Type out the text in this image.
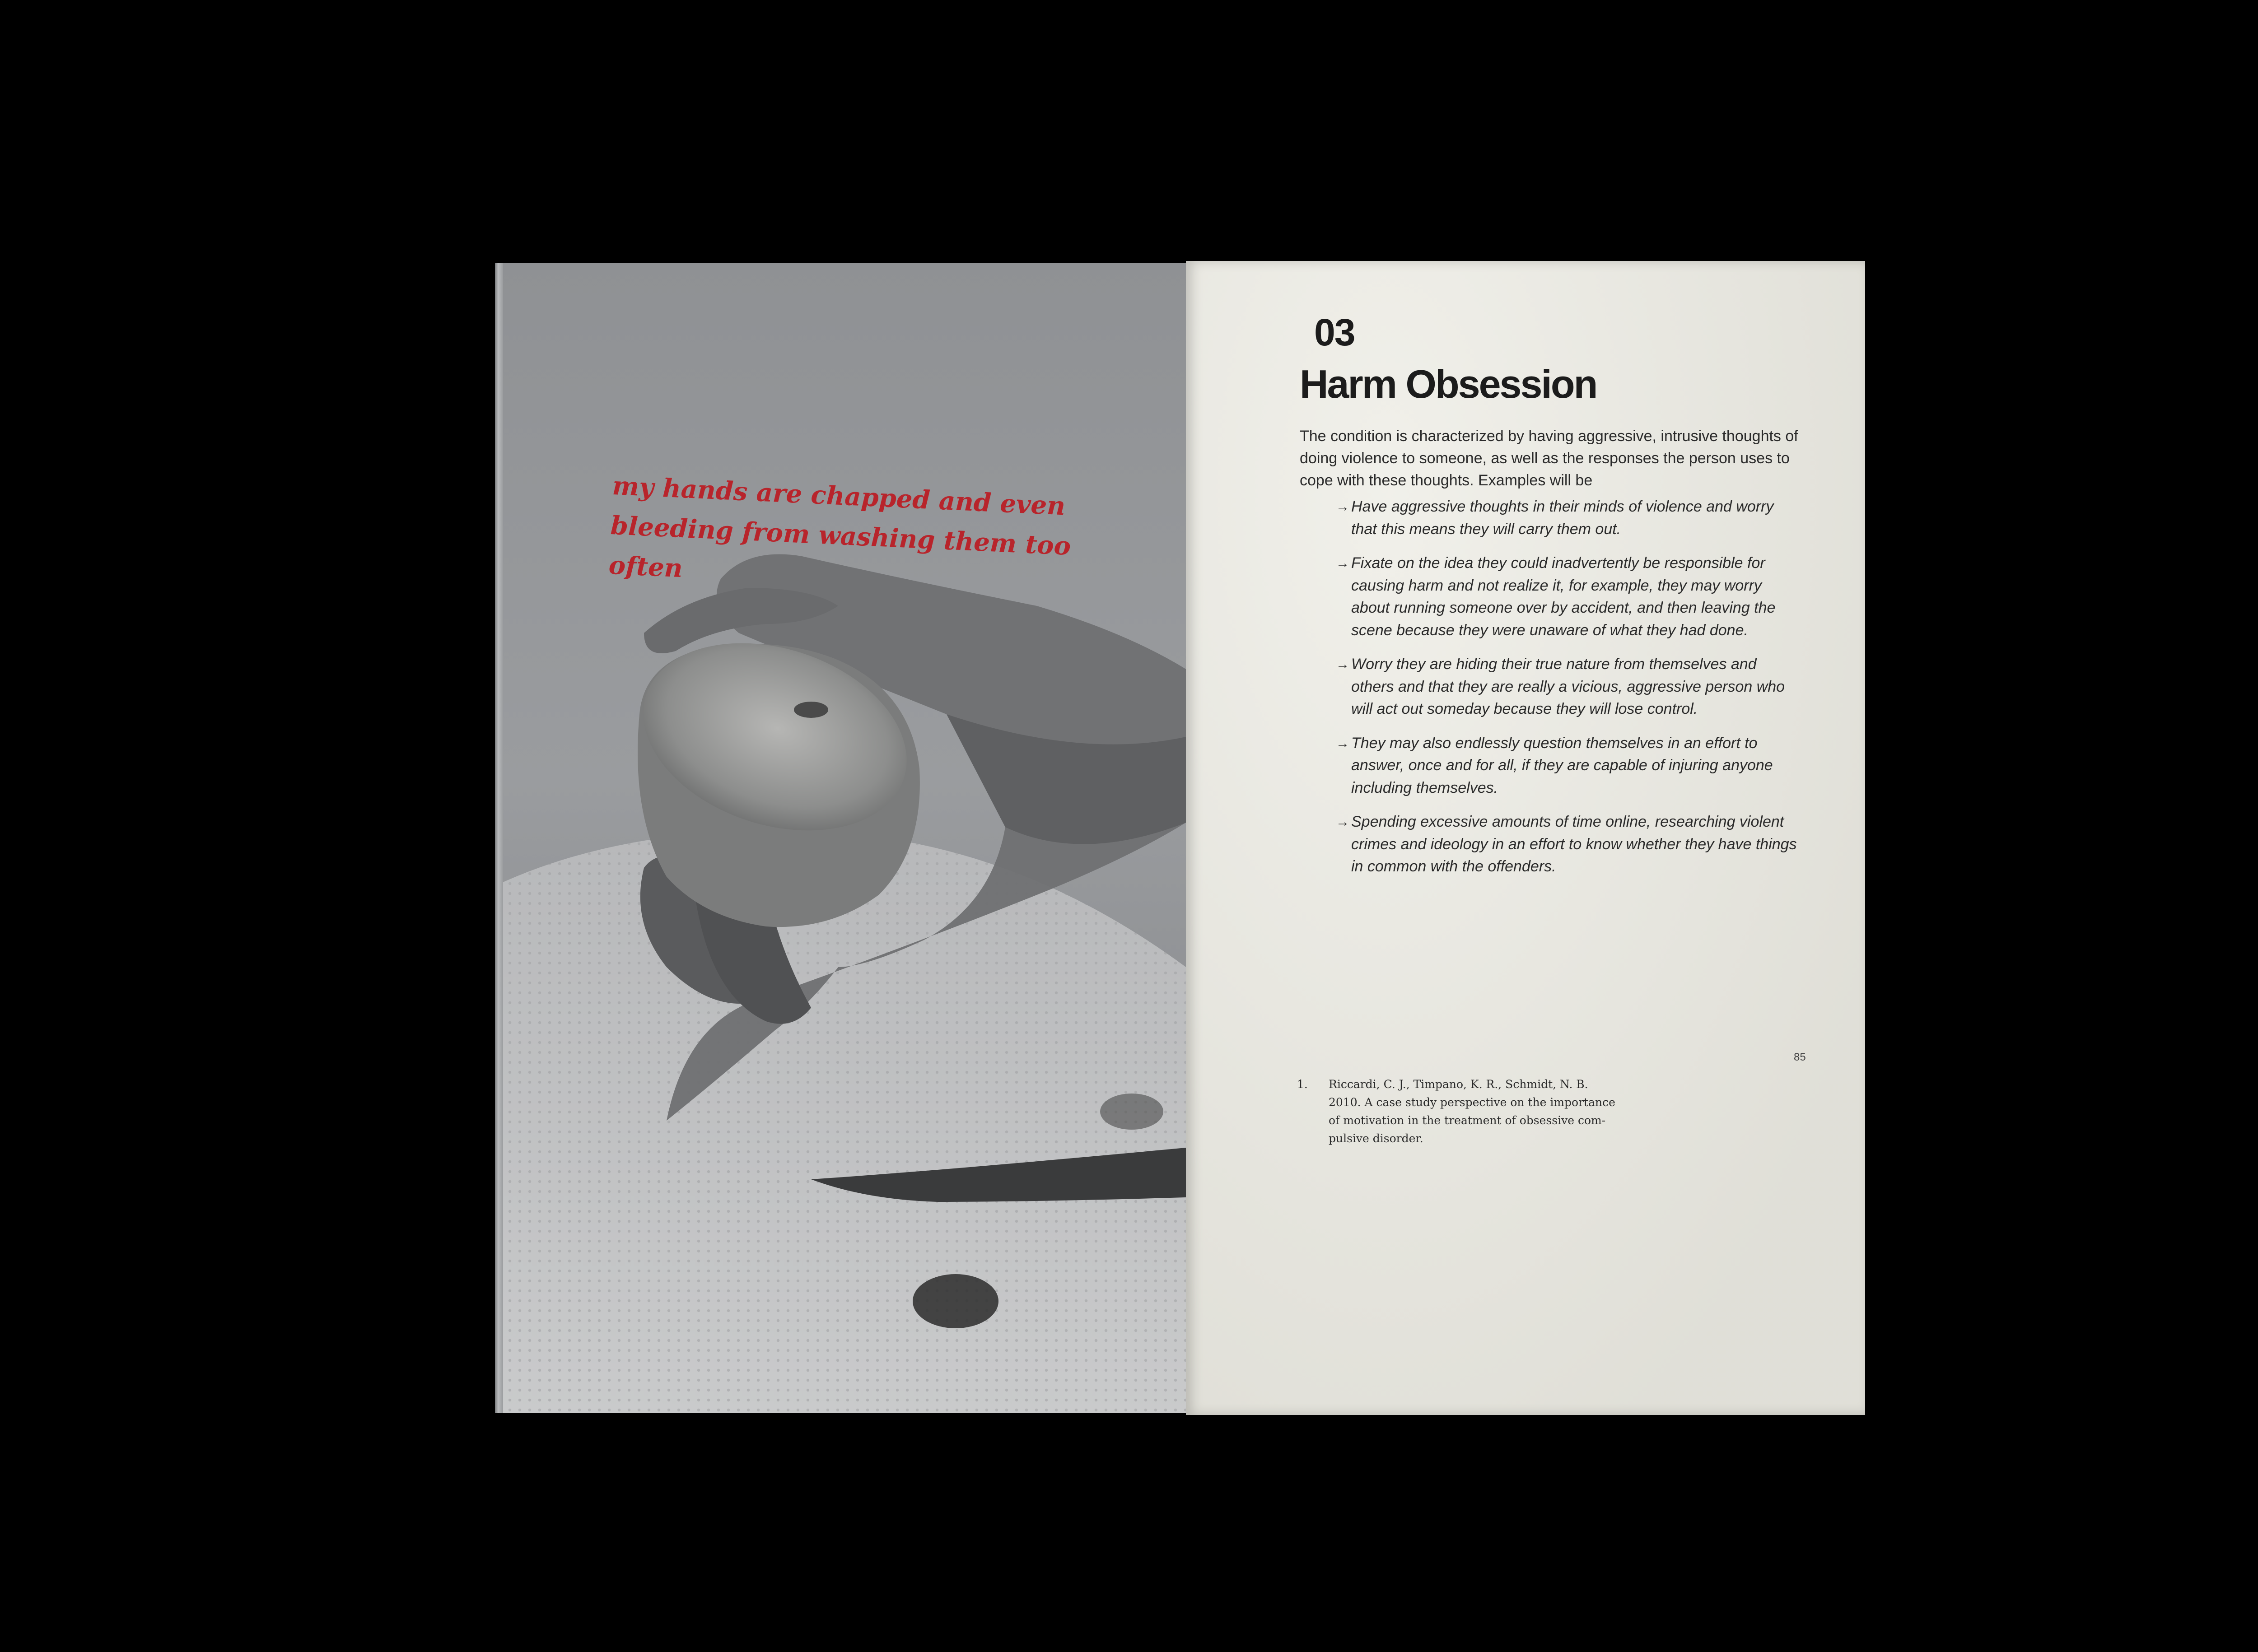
my hands are chapped and even
bleeding from washing them too often
03
Harm Obsession

The condition is characterized by having aggressive, intrusive thoughts of doing violence to someone, as well as the responses the person uses to cope with these thoughts. Examples will be

→ Have aggressive thoughts in their minds of violence and worry that this means they will carry them out.
→ Fixate on the idea they could inadvertently be responsible for causing harm and not realize it, for example, they may worry about running someone over by accident, and then leaving the scene because they were unaware of what they had done.
→ Worry they are hiding their true nature from themselves and others and that they are really a vicious, aggressive person who will act out someday because they will lose control.
→ They may also endlessly question themselves in an effort to answer, once and for all, if they are capable of injuring anyone including themselves.
→ Spending excessive amounts of time online, researching violent crimes and ideology in an effort to know whether they have things in common with the offenders.
85
1. Riccardi, C. J., Timpano, K. R., Schmidt, N. B.
2010. A case study perspective on the importance
of motivation in the treatment of obsessive com-
pulsive disorder.
